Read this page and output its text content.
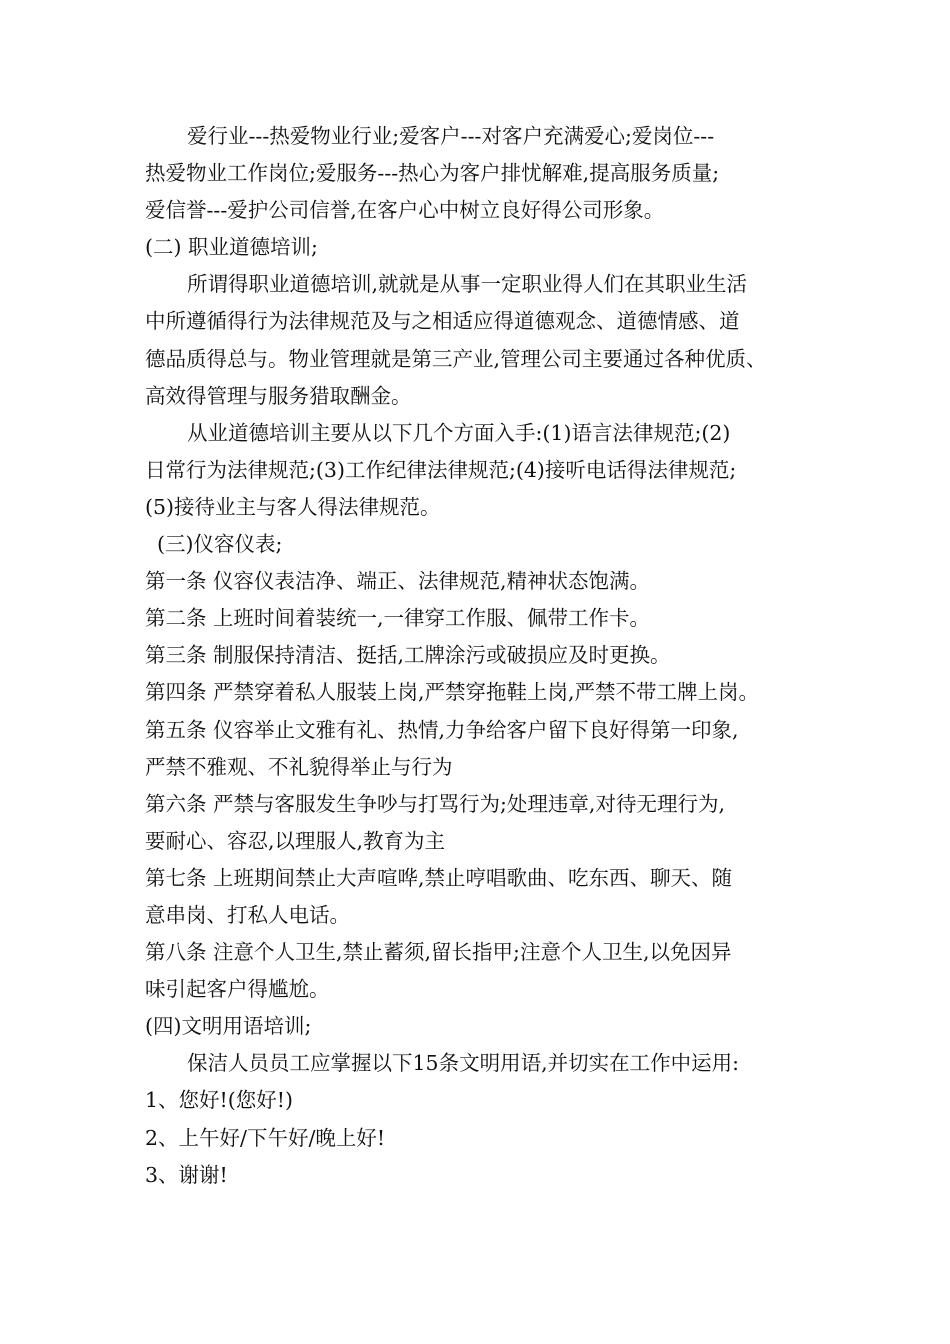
爱行业---热爱物业行业;爱客户---对客户充满爱心;爱岗位---
热爱物业工作岗位;爱服务---热心为客户排忧解难,提高服务质量;
爱信誉---爱护公司信誉,在客户心中树立良好得公司形象。
(二) 职业道德培训;
所谓得职业道德培训,就就是从事一定职业得人们在其职业生活
中所遵循得行为法律规范及与之相适应得道德观念、道德情感、道
德品质得总与。物业管理就是第三产业,管理公司主要通过各种优质、
高效得管理与服务猎取酬金。
从业道德培训主要从以下几个方面入手:(1)语言法律规范;(2)
日常行为法律规范;(3)工作纪律法律规范;(4)接听电话得法律规范;
(5)接待业主与客人得法律规范。
(三)仪容仪表;
第一条 仪容仪表洁净、端正、法律规范,精神状态饱满。
第二条 上班时间着装统一,一律穿工作服、佩带工作卡。
第三条 制服保持清洁、挺括,工牌涂污或破损应及时更换。
第四条 严禁穿着私人服装上岗,严禁穿拖鞋上岗,严禁不带工牌上岗。
第五条 仪容举止文雅有礼、热情,力争给客户留下良好得第一印象,
严禁不雅观、不礼貌得举止与行为
第六条 严禁与客服发生争吵与打骂行为;处理违章,对待无理行为,
要耐心、容忍,以理服人,教育为主
第七条 上班期间禁止大声喧哗,禁止哼唱歌曲、吃东西、聊天、随
意串岗、打私人电话。
第八条 注意个人卫生,禁止蓄须,留长指甲;注意个人卫生,以免因异
味引起客户得尴尬。
(四)文明用语培训;
保洁人员员工应掌握以下15条文明用语,并切实在工作中运用:
1、您好!(您好!)
2、上午好/下午好/晚上好!
3、谢谢!
